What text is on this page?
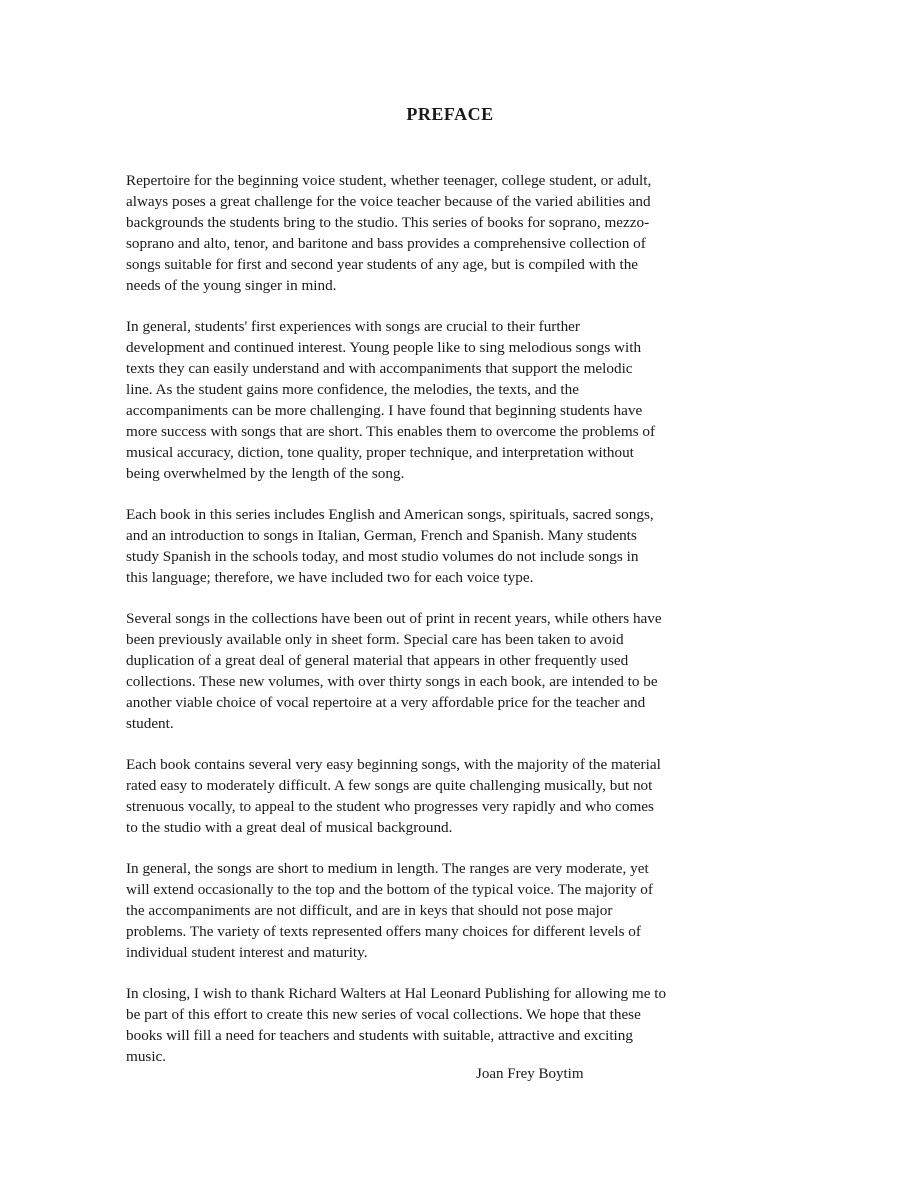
PREFACE

Repertoire for the beginning voice student, whether teenager, college student, or adult,
always poses a great challenge for the voice teacher because of the varied abilities and
backgrounds the students bring to the studio. This series of books for soprano, mezzo-
soprano and alto, tenor, and baritone and bass provides a comprehensive collection of
songs suitable for first and second year students of any age, but is compiled with the
needs of the young singer in mind.

In general, students' first experiences with songs are crucial to their further
development and continued interest. Young people like to sing melodious songs with
texts they can easily understand and with accompaniments that support the melodic
line. As the student gains more confidence, the melodies, the texts, and the
accompaniments can be more challenging. I have found that beginning students have
more success with songs that are short. This enables them to overcome the problems of
musical accuracy, diction, tone quality, proper technique, and interpretation without
being overwhelmed by the length of the song.

Each book in this series includes English and American songs, spirituals, sacred songs,
and an introduction to songs in Italian, German, French and Spanish. Many students
study Spanish in the schools today, and most studio volumes do not include songs in
this language; therefore, we have included two for each voice type.

Several songs in the collections have been out of print in recent years, while others have
been previously available only in sheet form. Special care has been taken to avoid
duplication of a great deal of general material that appears in other frequently used
collections. These new volumes, with over thirty songs in each book, are intended to be
another viable choice of vocal repertoire at a very affordable price for the teacher and
student.

Each book contains several very easy beginning songs, with the majority of the material
rated easy to moderately difficult. A few songs are quite challenging musically, but not
strenuous vocally, to appeal to the student who progresses very rapidly and who comes
to the studio with a great deal of musical background.

In general, the songs are short to medium in length. The ranges are very moderate, yet
will extend occasionally to the top and the bottom of the typical voice. The majority of
the accompaniments are not difficult, and are in keys that should not pose major
problems. The variety of texts represented offers many choices for different levels of
individual student interest and maturity.

In closing, I wish to thank Richard Walters at Hal Leonard Publishing for allowing me to
be part of this effort to create this new series of vocal collections. We hope that these
books will fill a need for teachers and students with suitable, attractive and exciting
music.

Joan Frey Boytim
